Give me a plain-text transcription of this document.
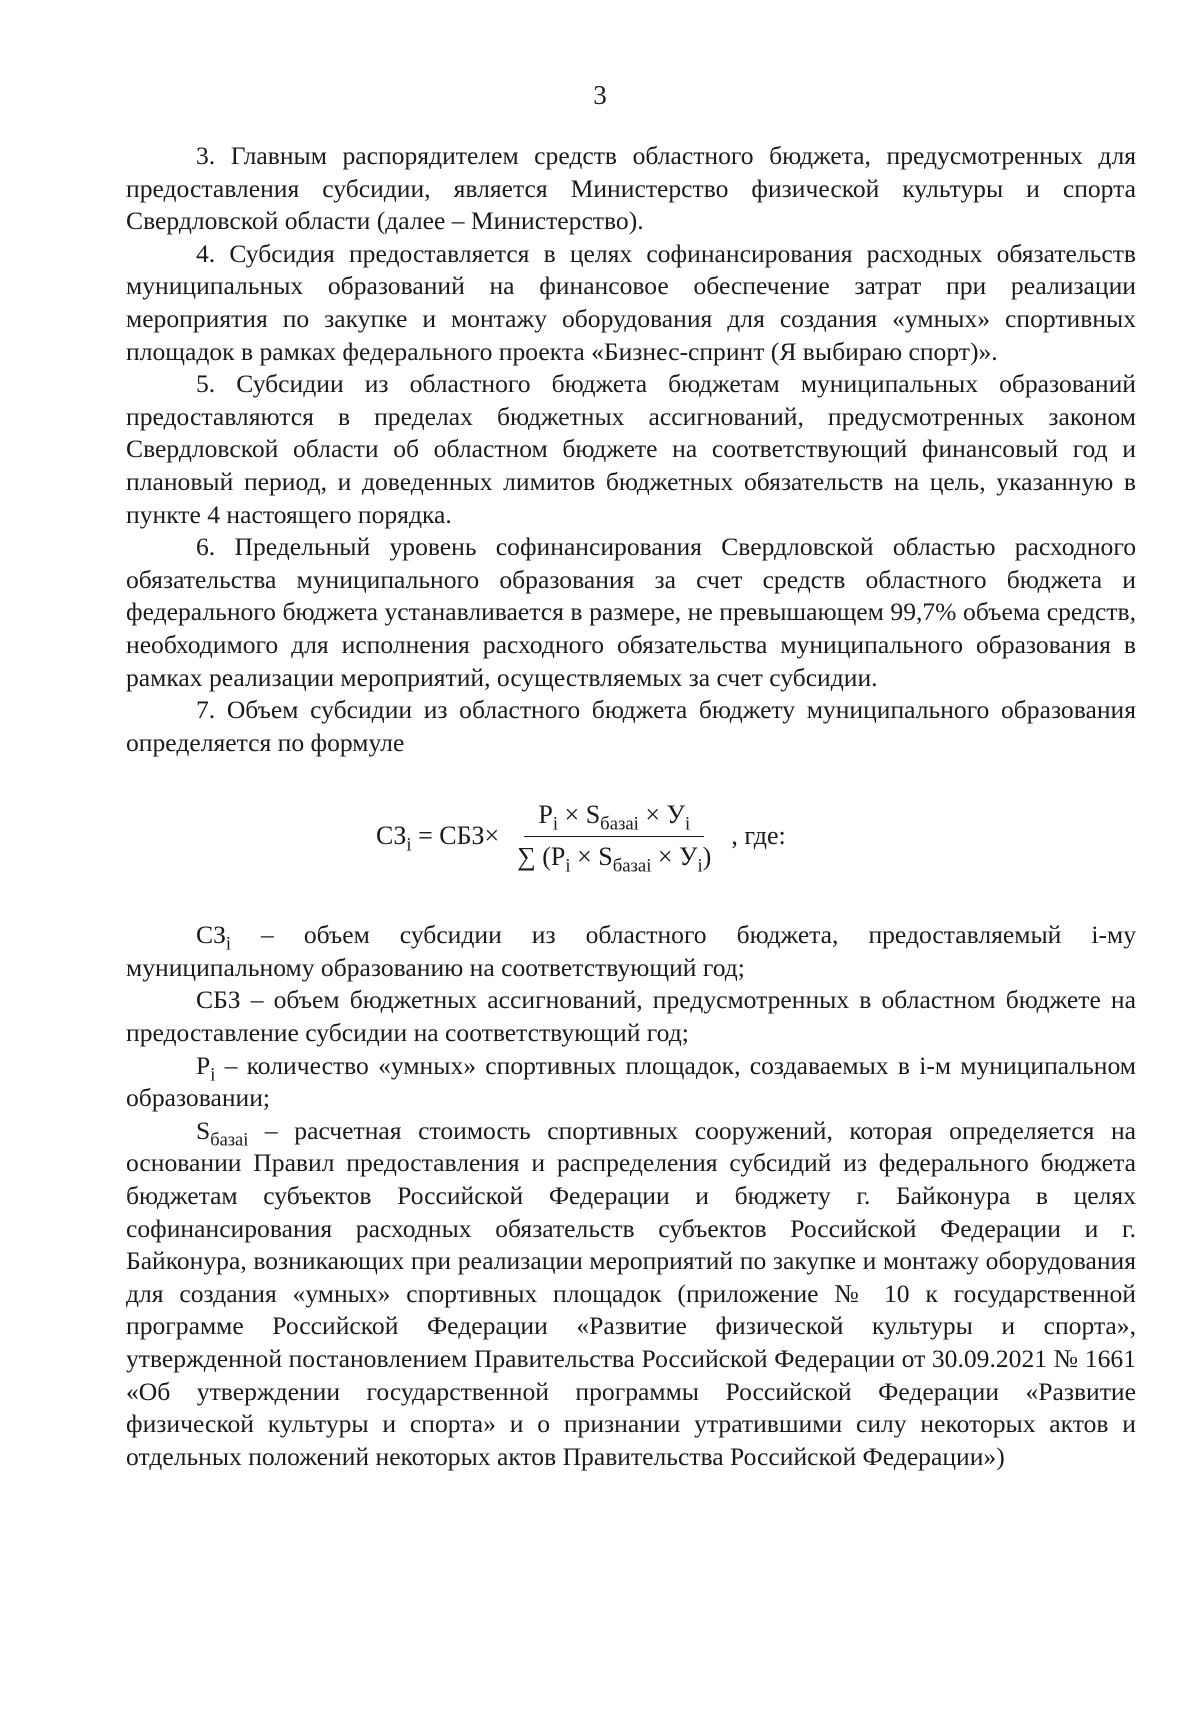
3

3. Главным распорядителем средств областного бюджета, предусмотренных для предоставления субсидии, является Министерство физической культуры и спорта Свердловской области (далее – Министерство).

4. Субсидия предоставляется в целях софинансирования расходных обязательств муниципальных образований на финансовое обеспечение затрат при реализации мероприятия по закупке и монтажу оборудования для создания «умных» спортивных площадок в рамках федерального проекта «Бизнес-спринт (Я выбираю спорт)».

5. Субсидии из областного бюджета бюджетам муниципальных образований предоставляются в пределах бюджетных ассигнований, предусмотренных законом Свердловской области об областном бюджете на соответствующий финансовый год и плановый период, и доведенных лимитов бюджетных обязательств на цель, указанную в пункте 4 настоящего порядка.

6. Предельный уровень софинансирования Свердловской областью расходного обязательства муниципального образования за счет средств областного бюджета и федерального бюджета устанавливается в размере, не превышающем 99,7% объема средств, необходимого для исполнения расходного обязательства муниципального образования в рамках реализации мероприятий, осуществляемых за счет субсидии.

7. Объем субсидии из областного бюджета бюджету муниципального образования определяется по формуле

$СЗ_i = СБЗ\times \frac{P_i \times S_{базаi} \times У_i}{\sum (P_i \times S_{базаi} \times У_i)}$ , где:

$СЗ_i$ – объем субсидии из областного бюджета, предоставляемый i-му муниципальному образованию на соответствующий год;

СБЗ – объем бюджетных ассигнований, предусмотренных в областном бюджете на предоставление субсидии на соответствующий год;

$P_i$ – количество «умных» спортивных площадок, создаваемых в i-м муниципальном образовании;

$S_{базаi}$ – расчетная стоимость спортивных сооружений, которая определяется на основании Правил предоставления и распределения субсидий из федерального бюджета бюджетам субъектов Российской Федерации и бюджету г. Байконура в целях софинансирования расходных обязательств субъектов Российской Федерации и г. Байконура, возникающих при реализации мероприятий по закупке и монтажу оборудования для создания «умных» спортивных площадок (приложение № 10 к государственной программе Российской Федерации «Развитие физической культуры и спорта», утвержденной постановлением Правительства Российской Федерации от 30.09.2021 № 1661 «Об утверждении государственной программы Российской Федерации «Развитие физической культуры и спорта» и о признании утратившими силу некоторых актов и отдельных положений некоторых актов Правительства Российской Федерации»)
